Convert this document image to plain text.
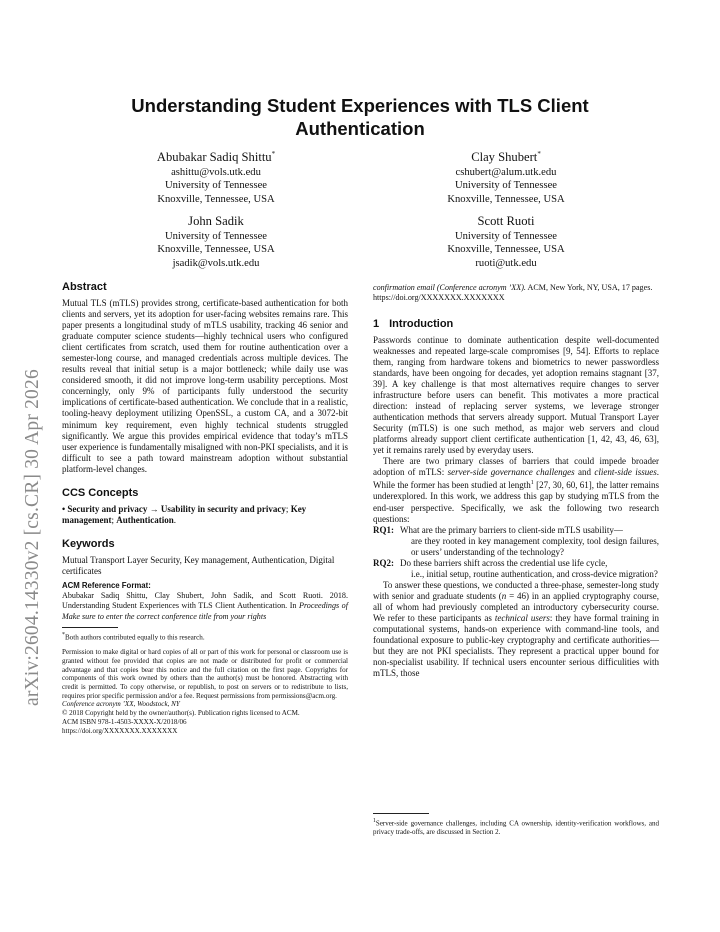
arXiv:2604.14330v2 [cs.CR] 30 Apr 2026
Understanding Student Experiences with TLS Client Authentication
Abubakar Sadiq Shittu*
ashittu@vols.utk.edu
University of Tennessee
Knoxville, Tennessee, USA
Clay Shubert*
cshubert@alum.utk.edu
University of Tennessee
Knoxville, Tennessee, USA
John Sadik
University of Tennessee
Knoxville, Tennessee, USA
jsadik@vols.utk.edu
Scott Ruoti
University of Tennessee
Knoxville, Tennessee, USA
ruoti@utk.edu
Abstract

Mutual TLS (mTLS) provides strong, certificate-based authentication for both clients and servers, yet its adoption for user-facing websites remains rare. This paper presents a longitudinal study of mTLS usability, tracking 46 senior and graduate computer science students—highly technical users who configured client certificates from scratch, used them for routine authentication over a semester-long course, and managed credentials across multiple devices. The results reveal that initial setup is a major bottleneck; while daily use was considered smooth, it did not improve long-term usability perceptions. Most concerningly, only 9% of participants fully understood the security implications of certificate-based authentication. We conclude that in a realistic, tooling-heavy deployment utilizing OpenSSL, a custom CA, and a 3072-bit minimum key requirement, even highly technical students struggled significantly. We argue this provides empirical evidence that today’s mTLS user experience is fundamentally misaligned with non-PKI specialists, and it is difficult to see a path toward mainstream adoption without substantial platform-level changes.

CCS Concepts

• Security and privacy → Usability in security and privacy; Key management; Authentication.

Keywords

Mutual Transport Layer Security, Key management, Authentication, Digital certificates

ACM Reference Format:

Abubakar Sadiq Shittu, Clay Shubert, John Sadik, and Scott Ruoti. 2018. Understanding Student Experiences with TLS Client Authentication. In Proceedings of Make sure to enter the correct conference title from your rights

*Both authors contributed equally to this research.

Permission to make digital or hard copies of all or part of this work for personal or classroom use is granted without fee provided that copies are not made or distributed for profit or commercial advantage and that copies bear this notice and the full citation on the first page. Copyrights for components of this work owned by others than the author(s) must be honored. Abstracting with credit is permitted. To copy otherwise, or republish, to post on servers or to redistribute to lists, requires prior specific permission and/or a fee. Request permissions from permissions@acm.org.

Conference acronym ’XX, Woodstock, NY
© 2018 Copyright held by the owner/author(s). Publication rights licensed to ACM.
ACM ISBN 978-1-4503-XXXX-X/2018/06
https://doi.org/XXXXXXX.XXXXXXX

confirmation email (Conference acronym ’XX). ACM, New York, NY, USA, 17 pages. https://doi.org/XXXXXXX.XXXXXXX

1 Introduction

Passwords continue to dominate authentication despite well-documented weaknesses and repeated large-scale compromises [9, 54]. Efforts to replace them, ranging from hardware tokens and biometrics to newer passwordless standards, have been ongoing for decades, yet adoption remains stagnant [37, 39]. A key challenge is that most alternatives require changes to server infrastructure before users can benefit. This motivates a more practical direction: instead of replacing server systems, we leverage stronger authentication methods that servers already support. Mutual Transport Layer Security (mTLS) is one such method, as major web servers and cloud platforms already support client certificate authentication [1, 42, 43, 46, 63], yet it remains rarely used by everyday users.

There are two primary classes of barriers that could impede broader adoption of mTLS: server-side governance challenges and client-side issues. While the former has been studied at length$^1$ [27, 30, 60, 61], the latter remains underexplored. In this work, we address this gap by studying mTLS from the end-user perspective. Specifically, we ask the following two research questions:

RQ1: What are the primary barriers to client-side mTLS usability—
are they rooted in key management complexity, tool design failures, or users’ understanding of the technology?
RQ2: Do these barriers shift across the credential use life cycle,
i.e., initial setup, routine authentication, and cross-device migration?

To answer these questions, we conducted a three-phase, semester-long study with senior and graduate students (n = 46) in an applied cryptography course, all of whom had previously completed an introductory cybersecurity course. We refer to these participants as technical users: they have formal training in computational systems, hands-on experience with command-line tools, and foundational exposure to public-key cryptography and certificate authorities—but they are not PKI specialists. They represent a practical upper bound for non-specialist usability. If technical users encounter serious difficulities with mTLS, those

$^1$Server-side governance challenges, including CA ownership, identity-verification workflows, and privacy trade-offs, are discussed in Section 2.
